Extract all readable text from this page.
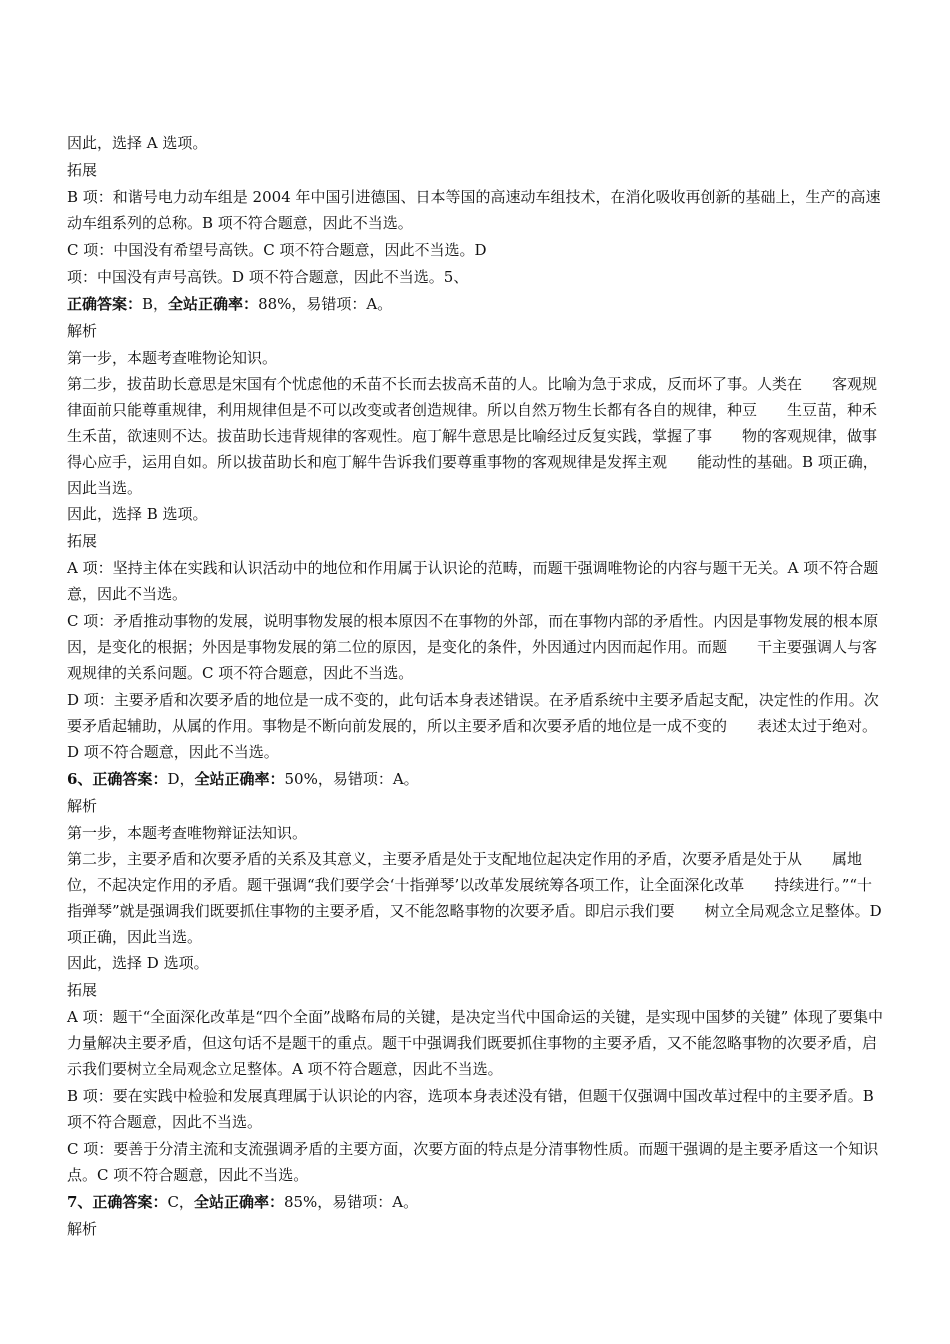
因此，选择 A 选项。
拓展
B 项：和谐号电力动车组是 2004 年中国引进德国、日本等国的高速动车组技术，在消化吸收再创新的基础上，生产的高速动车组系列的总称。B 项不符合题意，因此不当选。
C 项：中国没有希望号高铁。C 项不符合题意，因此不当选。D
项：中国没有声号高铁。D 项不符合题意，因此不当选。5、
正确答案：B，全站正确率：88%，易错项：A。
解析
第一步，本题考查唯物论知识。
第二步，拔苗助长意思是宋国有个忧虑他的禾苗不长而去拔高禾苗的人。比喻为急于求成，反而坏了事。人类在　　客观规律面前只能尊重规律，利用规律但是不可以改变或者创造规律。所以自然万物生长都有各自的规律，种豆　　生豆苗，种禾生禾苗，欲速则不达。拔苗助长违背规律的客观性。庖丁解牛意思是比喻经过反复实践，掌握了事　　物的客观规律，做事得心应手，运用自如。所以拔苗助长和庖丁解牛告诉我们要尊重事物的客观规律是发挥主观　　能动性的基础。B 项正确，因此当选。
因此，选择 B 选项。
拓展
A 项：坚持主体在实践和认识活动中的地位和作用属于认识论的范畴，而题干强调唯物论的内容与题干无关。A 项不符合题意，因此不当选。
C 项：矛盾推动事物的发展，说明事物发展的根本原因不在事物的外部，而在事物内部的矛盾性。内因是事物发展的根本原因，是变化的根据；外因是事物发展的第二位的原因，是变化的条件，外因通过内因而起作用。而题　　干主要强调人与客观规律的关系问题。C 项不符合题意，因此不当选。
D 项：主要矛盾和次要矛盾的地位是一成不变的，此句话本身表述错误。在矛盾系统中主要矛盾起支配，决定性的作用。次要矛盾起辅助，从属的作用。事物是不断向前发展的，所以主要矛盾和次要矛盾的地位是一成不变的　　表述太过于绝对。D 项不符合题意，因此不当选。
6、正确答案：D，全站正确率：50%，易错项：A。
解析
第一步，本题考查唯物辩证法知识。
第二步，主要矛盾和次要矛盾的关系及其意义，主要矛盾是处于支配地位起决定作用的矛盾，次要矛盾是处于从　　属地位，不起决定作用的矛盾。题干强调“我们要学会‘十指弹琴’以改革发展统筹各项工作，让全面深化改革　　持续进行。”“十指弹琴”就是强调我们既要抓住事物的主要矛盾，又不能忽略事物的次要矛盾。即启示我们要　　树立全局观念立足整体。D 项正确，因此当选。
因此，选择 D 选项。
拓展
A 项：题干“全面深化改革是“四个全面”战略布局的关键，是决定当代中国命运的关键，是实现中国梦的关键” 体现了要集中力量解决主要矛盾，但这句话不是题干的重点。题干中强调我们既要抓住事物的主要矛盾，又不能忽略事物的次要矛盾，启示我们要树立全局观念立足整体。A 项不符合题意，因此不当选。
B 项：要在实践中检验和发展真理属于认识论的内容，选项本身表述没有错，但题干仅强调中国改革过程中的主要矛盾。B 项不符合题意，因此不当选。
C 项：要善于分清主流和支流强调矛盾的主要方面，次要方面的特点是分清事物性质。而题干强调的是主要矛盾这一个知识点。C 项不符合题意，因此不当选。
7、正确答案：C，全站正确率：85%，易错项：A。
解析
